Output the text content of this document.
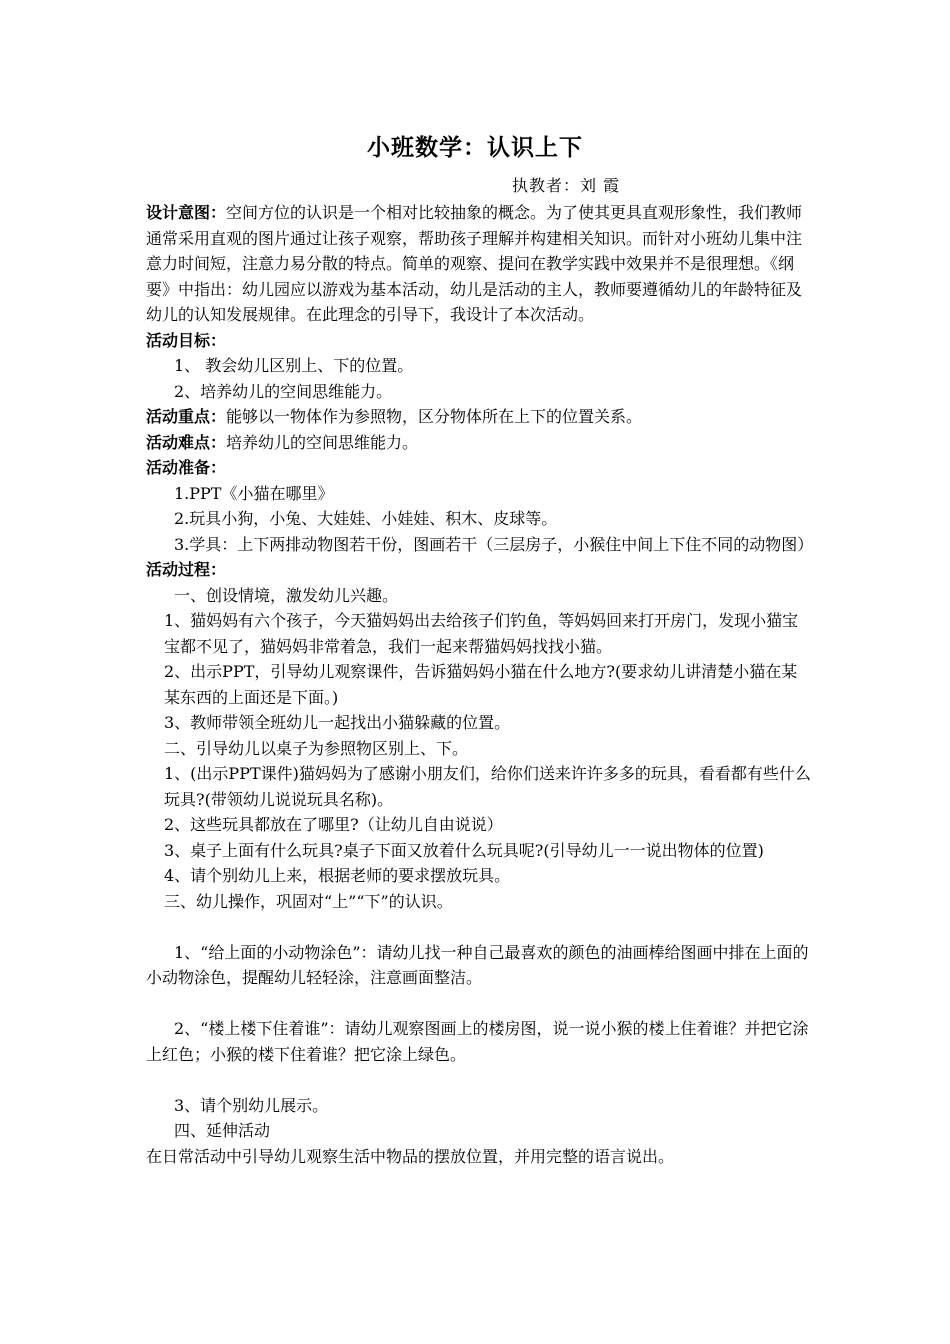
小班数学：认识上下
执教者：刘 霞

设计意图：空间方位的认识是一个相对比较抽象的概念。为了使其更具直观形象性，我们教师通常采用直观的图片通过让孩子观察，帮助孩子理解并构建相关知识。而针对小班幼儿集中注意力时间短，注意力易分散的特点。简单的观察、提问在教学实践中效果并不是很理想。《纲要》中指出：幼儿园应以游戏为基本活动，幼儿是活动的主人，教师要遵循幼儿的年龄特征及幼儿的认知发展规律。在此理念的引导下，我设计了本次活动。

活动目标：

1、 教会幼儿区别上、下的位置。

2、培养幼儿的空间思维能力。

活动重点：能够以一物体作为参照物，区分物体所在上下的位置关系。

活动难点：培养幼儿的空间思维能力。

活动准备：

1.PPT《小猫在哪里》

2.玩具小狗，小兔、大娃娃、小娃娃、积木、皮球等。

3.学具：上下两排动物图若干份，图画若干（三层房子，小猴住中间上下住不同的动物图）

活动过程：

一、创设情境，激发幼儿兴趣。

1、猫妈妈有六个孩子，今天猫妈妈出去给孩子们钓鱼，等妈妈回来打开房门，发现小猫宝宝都不见了，猫妈妈非常着急，我们一起来帮猫妈妈找找小猫。

2、出示PPT，引导幼儿观察课件，告诉猫妈妈小猫在什么地方?(要求幼儿讲清楚小猫在某某东西的上面还是下面。)

3、教师带领全班幼儿一起找出小猫躲藏的位置。

二、引导幼儿以桌子为参照物区别上、下。

1、(出示PPT课件)猫妈妈为了感谢小朋友们，给你们送来许许多多的玩具，看看都有些什么玩具?(带领幼儿说说玩具名称)。

2、这些玩具都放在了哪里?（让幼儿自由说说）

3、桌子上面有什么玩具?桌子下面又放着什么玩具呢?(引导幼儿一一说出物体的位置)

4、请个别幼儿上来，根据老师的要求摆放玩具。

三、幼儿操作，巩固对“上”“下”的认识。

1、“给上面的小动物涂色”：请幼儿找一种自己最喜欢的颜色的油画棒给图画中排在上面的小动物涂色，提醒幼儿轻轻涂，注意画面整洁。

2、“楼上楼下住着谁”：请幼儿观察图画上的楼房图，说一说小猴的楼上住着谁？并把它涂上红色；小猴的楼下住着谁？把它涂上绿色。

3、请个别幼儿展示。

四、延伸活动

在日常活动中引导幼儿观察生活中物品的摆放位置，并用完整的语言说出。
